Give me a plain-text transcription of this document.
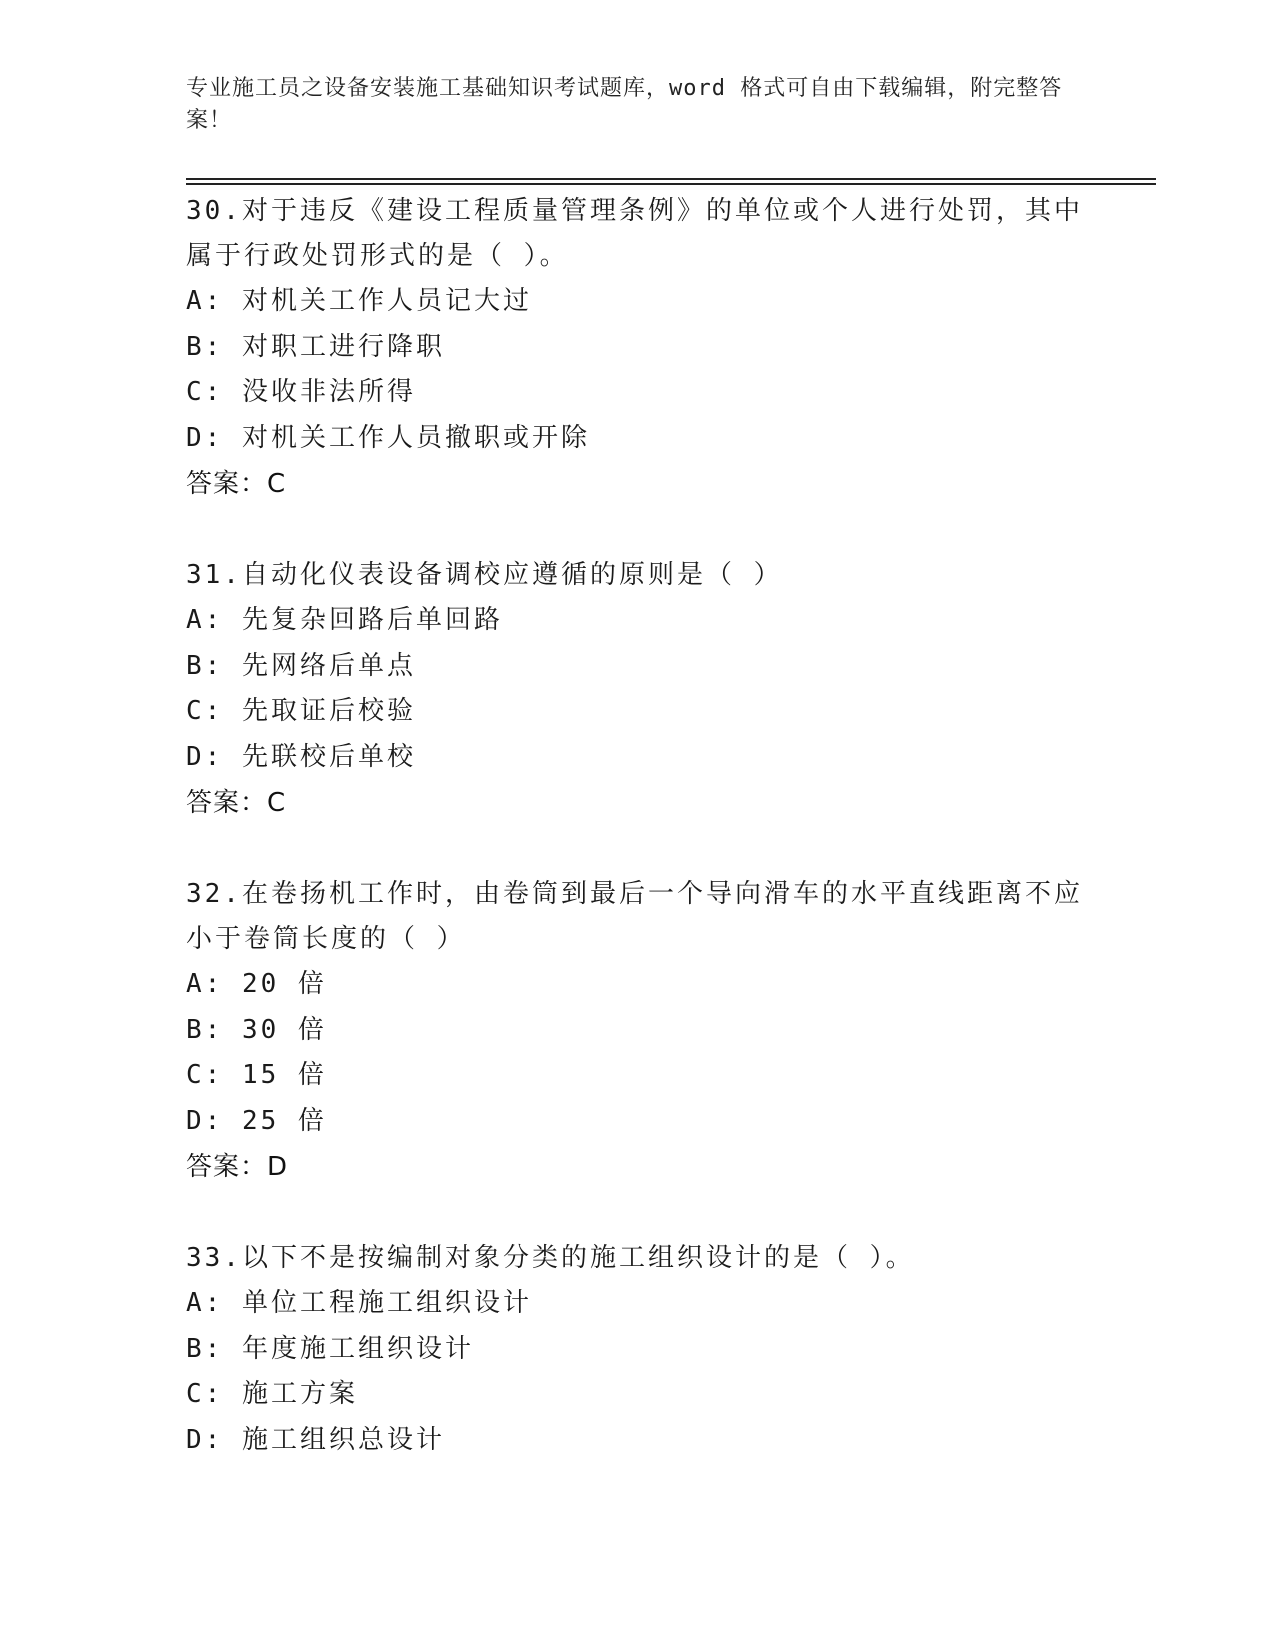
专业施工员之设备安装施工基础知识考试题库，word 格式可自由下载编辑，附完整答案！
30.对于违反《建设工程质量管理条例》的单位或个人进行处罚，其中属于行政处罚形式的是（ ）。
A: 对机关工作人员记大过
B: 对职工进行降职
C: 没收非法所得
D: 对机关工作人员撤职或开除
答案：C
31.自动化仪表设备调校应遵循的原则是（ ）
A: 先复杂回路后单回路
B: 先网络后单点
C: 先取证后校验
D: 先联校后单校
答案：C
32.在卷扬机工作时，由卷筒到最后一个导向滑车的水平直线距离不应小于卷筒长度的（ ）
A: 20 倍
B: 30 倍
C: 15 倍
D: 25 倍
答案：D
33.以下不是按编制对象分类的施工组织设计的是（ ）。
A: 单位工程施工组织设计
B: 年度施工组织设计
C: 施工方案
D: 施工组织总设计
